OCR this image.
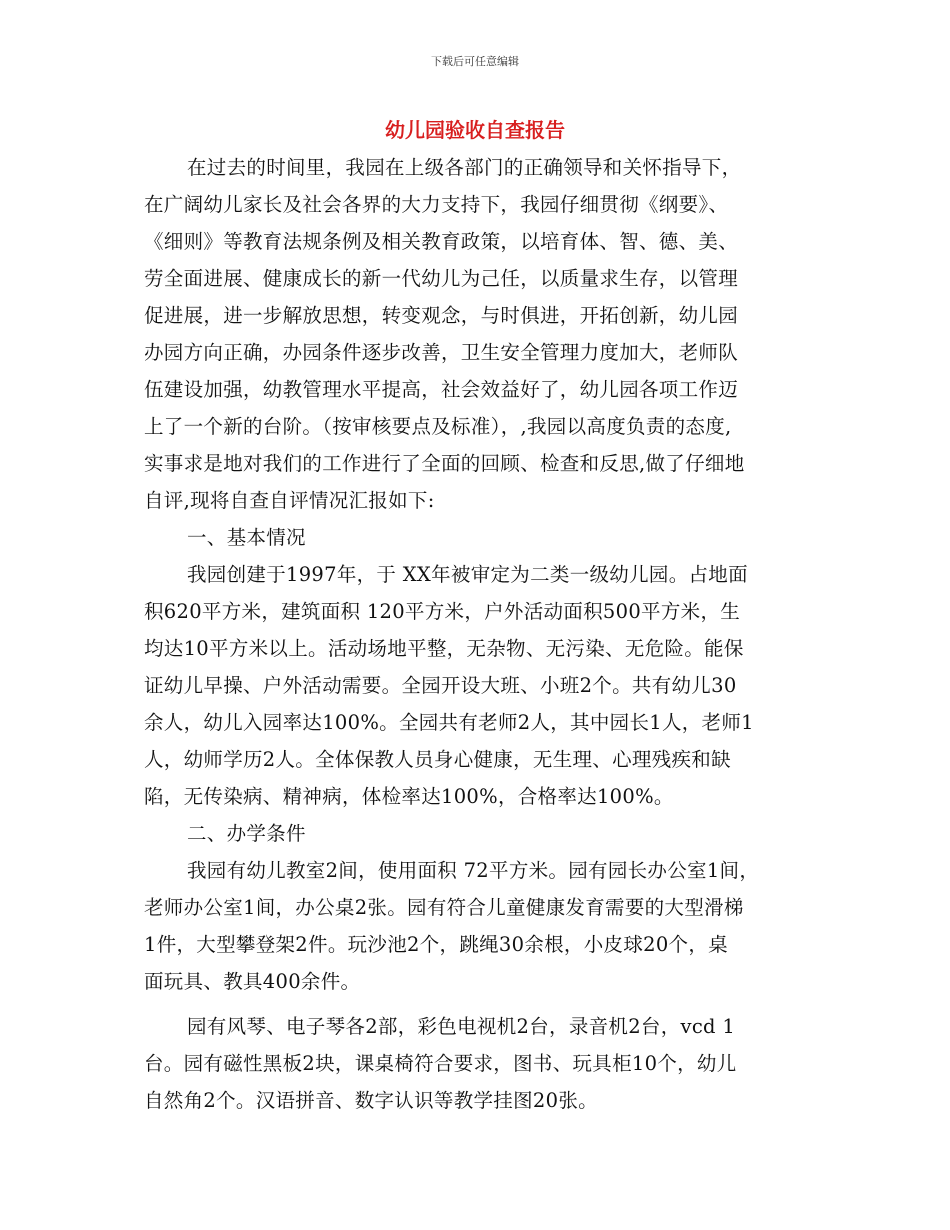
下载后可任意编辑
幼儿园验收自查报告
在过去的时间里，我园在上级各部门的正确领导和关怀指导下，
在广阔幼儿家长及社会各界的大力支持下，我园仔细贯彻《纲要》、
《细则》等教育法规条例及相关教育政策，以培育体、智、德、美、
劳全面进展、健康成长的新一代幼儿为己任，以质量求生存，以管理
促进展，进一步解放思想，转变观念，与时俱进，开拓创新，幼儿园
办园方向正确，办园条件逐步改善，卫生安全管理力度加大，老师队
伍建设加强，幼教管理水平提高，社会效益好了，幼儿园各项工作迈
上了一个新的台阶。（按审核要点及标准），,我园以高度负责的态度,
实事求是地对我们的工作进行了全面的回顾、检查和反思,做了仔细地
自评,现将自查自评情况汇报如下:
一、基本情况
我园创建于1997年，于 XX年被审定为二类一级幼儿园。占地面
积620平方米，建筑面积 120平方米，户外活动面积500平方米，生
均达10平方米以上。活动场地平整，无杂物、无污染、无危险。能保
证幼儿早操、户外活动需要。全园开设大班、小班2个。共有幼儿30
余人，幼儿入园率达100%。全园共有老师2人，其中园长1人，老师1
人，幼师学历2人。全体保教人员身心健康，无生理、心理残疾和缺
陷，无传染病、精神病，体检率达100%，合格率达100%。
二、办学条件
我园有幼儿教室2间，使用面积 72平方米。园有园长办公室1间，
老师办公室1间，办公桌2张。园有符合儿童健康发育需要的大型滑梯
1件，大型攀登架2件。玩沙池2个，跳绳30余根，小皮球20个，桌
面玩具、教具400余件。
园有风琴、电子琴各2部，彩色电视机2台，录音机2台，vcd 1
台。园有磁性黑板2块，课桌椅符合要求，图书、玩具柜10个，幼儿
自然角2个。汉语拼音、数字认识等教学挂图20张。
